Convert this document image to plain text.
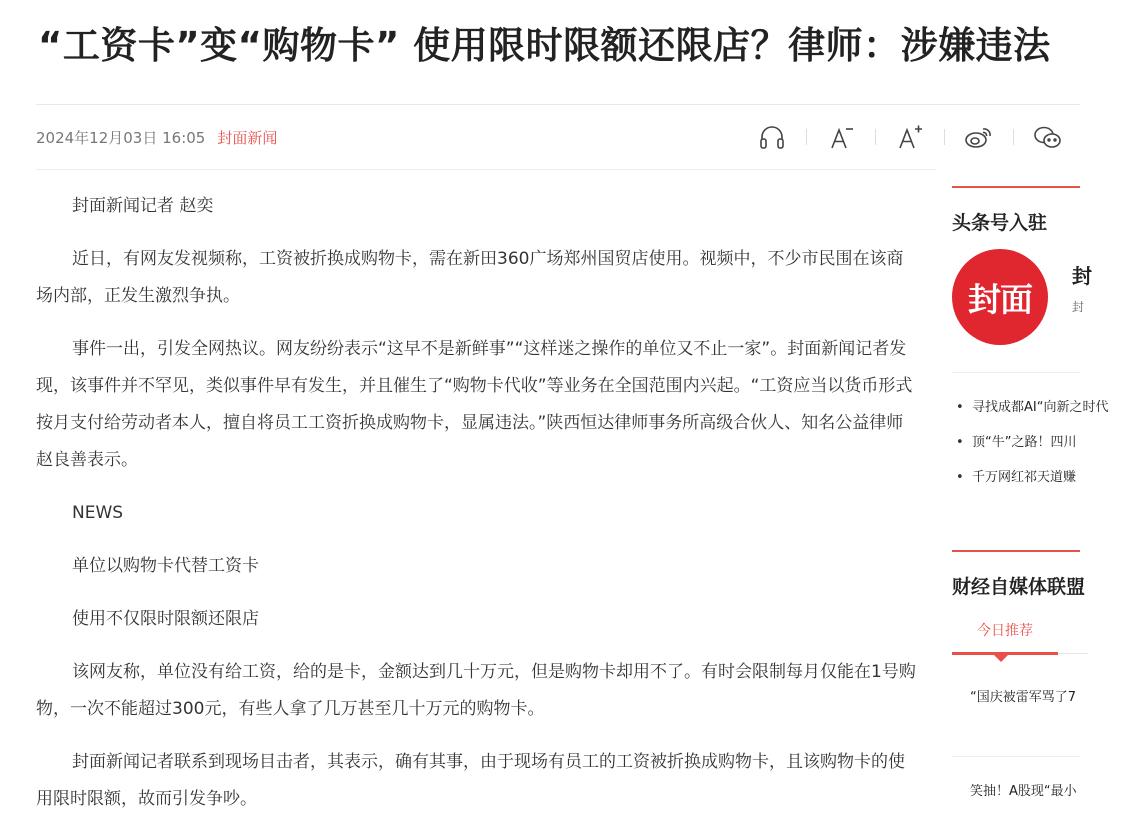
“工资卡”变“购物卡” 使用限时限额还限店？律师：涉嫌违法
2024年12月03日 16:05 封面新闻

封面新闻记者 赵奕

近日，有网友发视频称，工资被折换成购物卡，需在新田360广场郑州国贸店使用。视频中，不少市民围在该商场内部，正发生激烈争执。

事件一出，引发全网热议。网友纷纷表示“这早不是新鲜事”“这样迷之操作的单位又不止一家”。封面新闻记者发现，该事件并不罕见，类似事件早有发生，并且催生了“购物卡代收”等业务在全国范围内兴起。“工资应当以货币形式按月支付给劳动者本人，擅自将员工工资折换成购物卡，显属违法。”陕西恒达律师事务所高级合伙人、知名公益律师赵良善表示。

NEWS

单位以购物卡代替工资卡

使用不仅限时限额还限店

该网友称，单位没有给工资，给的是卡，金额达到几十万元，但是购物卡却用不了。有时会限制每月仅能在1号购物，一次不能超过300元，有些人拿了几万甚至几十万元的购物卡。

封面新闻记者联系到现场目击者，其表示，确有其事，由于现场有员工的工资被折换成购物卡，且该购物卡的使用限时限额，故而引发争吵。

头条号入驻
封面
封
封
• 寻找成都AI“向新之时代
• 顶“牛”之路！四川
• 千万网红祁天道赚
财经自媒体联盟
今日推荐
“国庆被雷军骂了7
笑抽！A股现“最小
